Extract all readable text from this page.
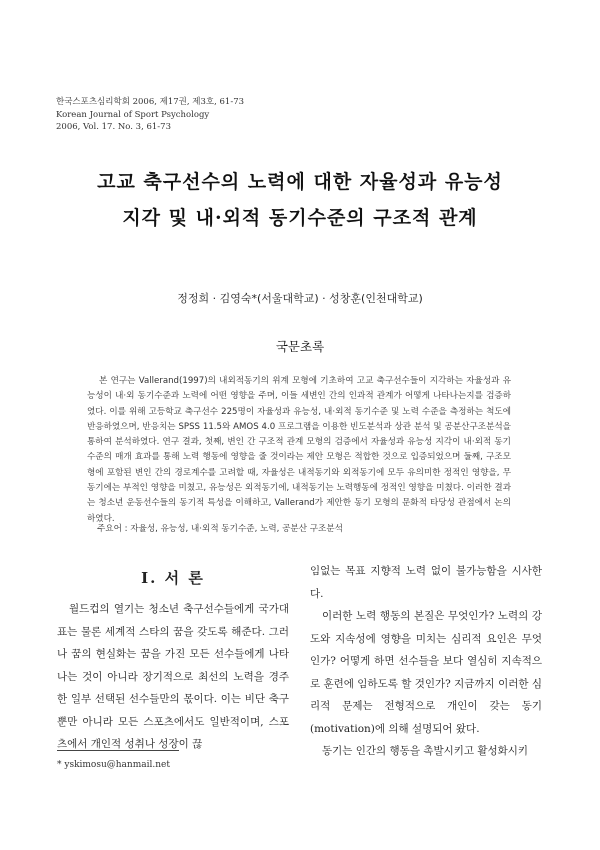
한국스포츠심리학회 2006, 제17권, 제3호, 61-73
Korean Journal of Sport Psychology
2006, Vol. 17. No. 3, 61-73
고교 축구선수의 노력에 대한 자율성과 유능성
지각 및 내·외적 동기수준의 구조적 관계
정정희 · 김영숙*(서울대학교) · 성창훈(인천대학교)
국문초록
본 연구는 Vallerand(1997)의 내외적동기의 위계 모형에 기초하여 고교 축구선수들이 지각하는 자율성과 유능성이 내·외 동기수준과 노력에 어떤 영향을 주며, 이들 세변인 간의 인과적 관계가 어떻게 나타나는지를 검증하였다. 이를 위해 고등학교 축구선수 225명이 자율성과 유능성, 내·외적 동기수준 및 노력 수준을 측정하는 척도에 반응하였으며, 반응치는 SPSS 11.5와 AMOS 4.0 프로그램을 이용한 빈도분석과 상관 분석 및 공분산구조분석을 통하여 분석하였다. 연구 결과, 첫째, 변인 간 구조적 관계 모형의 검증에서 자율성과 유능성 지각이 내·외적 동기수준의 매개 효과를 통해 노력 행동에 영향을 줄 것이라는 제안 모형은 적합한 것으로 입증되었으며 둘째, 구조모형에 포함된 변인 간의 경로계수를 고려할 때, 자율성은 내적동기와 외적동기에 모두 유의미한 정적인 영향을, 무동기에는 부적인 영향을 미쳤고, 유능성은 외적동기에, 내적동기는 노력행동에 정적인 영향을 미쳤다. 이러한 결과는 청소년 운동선수들의 동기적 특성을 이해하고, Vallerand가 제안한 동기 모형의 문화적 타당성 관점에서 논의하였다.
주요어 : 자율성, 유능성, 내·외적 동기수준, 노력, 공분산 구조분석
I. 서 론

월드컵의 열기는 청소년 축구선수들에게 국가대표는 물론 세계적 스타의 꿈을 갖도록 해준다. 그러나 꿈의 현실화는 꿈을 가진 모든 선수들에게 나타나는 것이 아니라 장기적으로 최선의 노력을 경주한 일부 선택된 선수들만의 몫이다. 이는 비단 축구뿐만 아니라 모든 스포츠에서도 일반적이며, 스포츠에서 개인적 성취나 성장이 끊

임없는 목표 지향적 노력 없이 불가능함을 시사한다.

이러한 노력 행동의 본질은 무엇인가? 노력의 강도와 지속성에 영향을 미치는 심리적 요인은 무엇인가? 어떻게 하면 선수들을 보다 열심히 지속적으로 훈련에 임하도록 할 것인가? 지금까지 이러한 심리적 문제는 전형적으로 개인이 갖는 동기(motivation)에 의해 설명되어 왔다.

동기는 인간의 행동을 촉발시키고 활성화시키

* yskimosu@hanmail.net
